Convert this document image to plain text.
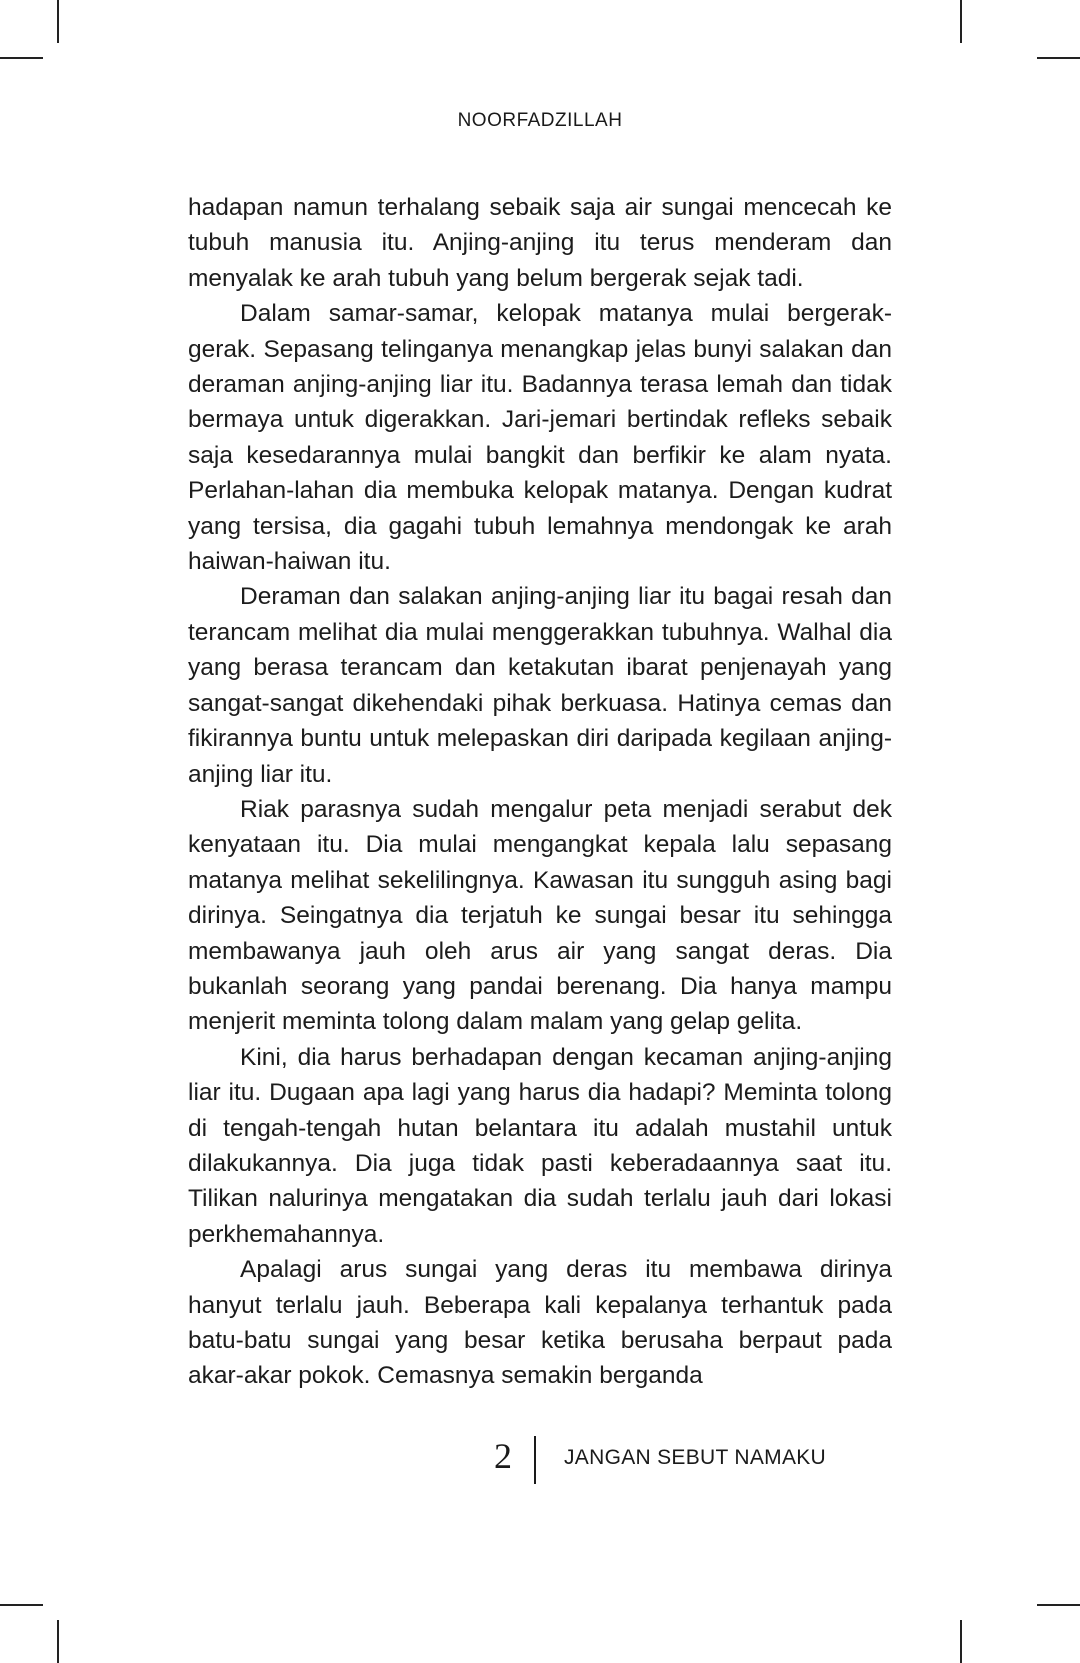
NOORFADZILLAH

hadapan namun terhalang sebaik saja air sungai mencecah ke tubuh manusia itu. Anjing-anjing itu terus menderam dan menyalak ke arah tubuh yang belum bergerak sejak tadi.

Dalam samar-samar, kelopak matanya mulai bergerak-gerak. Sepasang telinganya menangkap jelas bunyi salakan dan deraman anjing-anjing liar itu. Badannya terasa lemah dan tidak bermaya untuk digerakkan. Jari-jemari bertindak refleks sebaik saja kesedarannya mulai bangkit dan berfikir ke alam nyata. Perlahan-lahan dia membuka kelopak matanya. Dengan kudrat yang tersisa, dia gagahi tubuh lemahnya mendongak ke arah haiwan-haiwan itu.

Deraman dan salakan anjing-anjing liar itu bagai resah dan terancam melihat dia mulai menggerakkan tubuhnya. Walhal dia yang berasa terancam dan ketakutan ibarat penjenayah yang sangat-sangat dikehendaki pihak berkuasa. Hatinya cemas dan fikirannya buntu untuk melepaskan diri daripada kegilaan anjing-anjing liar itu.

Riak parasnya sudah mengalur peta menjadi serabut dek kenyataan itu. Dia mulai mengangkat kepala lalu sepasang matanya melihat sekelilingnya. Kawasan itu sungguh asing bagi dirinya. Seingatnya dia terjatuh ke sungai besar itu sehingga membawanya jauh oleh arus air yang sangat deras. Dia bukanlah seorang yang pandai berenang. Dia hanya mampu menjerit meminta tolong dalam malam yang gelap gelita.

Kini, dia harus berhadapan dengan kecaman anjing-anjing liar itu. Dugaan apa lagi yang harus dia hadapi? Meminta tolong di tengah-tengah hutan belantara itu adalah mustahil untuk dilakukannya. Dia juga tidak pasti keberadaannya saat itu. Tilikan nalurinya mengatakan dia sudah terlalu jauh dari lokasi perkhemahannya.

Apalagi arus sungai yang deras itu membawa dirinya hanyut terlalu jauh. Beberapa kali kepalanya terhantuk pada batu-batu sungai yang besar ketika berusaha berpaut pada akar-akar pokok. Cemasnya semakin berganda

2 JANGAN SEBUT NAMAKU
